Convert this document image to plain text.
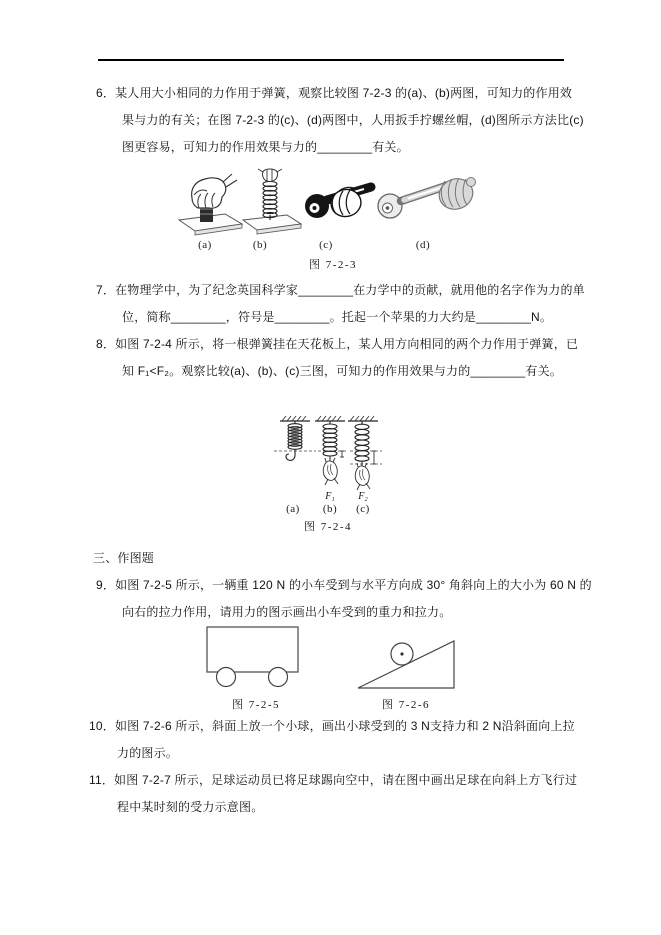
6．某人用大小相同的力作用于弹簧，观察比较图 7-2-3 的(a)、(b)两图，可知力的作用效
果与力的有关；在图 7-2-3 的(c)、(d)两图中，人用扳手拧螺丝帽，(d)图所示方法比(c)
图更容易，可知力的作用效果与力的________有关。
(a)	(b)	(c)	(d)
图 7-2-3
7．在物理学中，为了纪念英国科学家________在力学中的贡献，就用他的名字作为力的单
位，简称________，符号是________。托起一个苹果的力大约是________N。
8．如图 7-2-4 所示，将一根弹簧挂在天花板上，某人用方向相同的两个力作用于弹簧，已
知 F₁<F₂。观察比较(a)、(b)、(c)三图，可知力的作用效果与力的________有关。
F₁ F₂
(a) (b) (c)
图 7-2-4
三、作图题
9．如图 7-2-5 所示，一辆重 120 N 的小车受到与水平方向成 30° 角斜向上的大小为 60 N 的
向右的拉力作用，请用力的图示画出小车受到的重力和拉力。
图 7-2-5	图 7-2-6
10．如图 7-2-6 所示，斜面上放一个小球，画出小球受到的 3 N支持力和 2 N沿斜面向上拉
力的图示。
11．如图 7-2-7 所示，足球运动员已将足球踢向空中，请在图中画出足球在向斜上方飞行过
程中某时刻的受力示意图。
